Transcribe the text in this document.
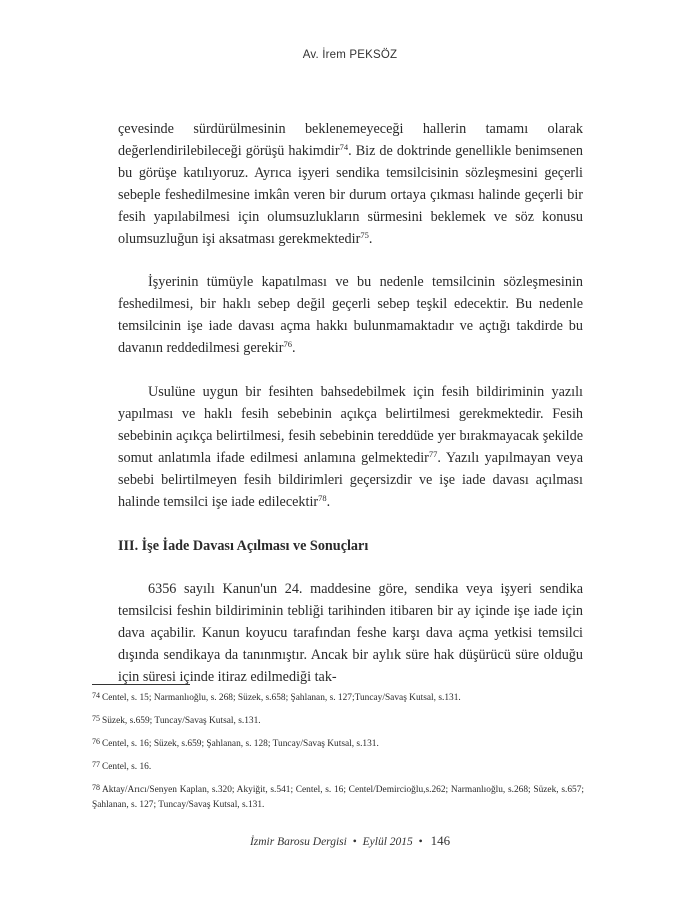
Av. İrem PEKSÖZ

çevesinde sürdürülmesinin beklenemeyeceği hallerin tamamı olarak değerlendirilebileceği görüşü hakimdir$^{74}$. Biz de doktrinde genellikle benimsenen bu görüşe katılıyoruz. Ayrıca işyeri sendika temsilcisinin sözleşmesini geçerli sebeple feshedilmesine imkân veren bir durum ortaya çıkması halinde geçerli bir fesih yapılabilmesi için olumsuzlukların sürmesini beklemek ve söz konusu olumsuzluğun işi aksatması gerekmektedir$^{75}$.

İşyerinin tümüyle kapatılması ve bu nedenle temsilcinin sözleşmesinin feshedilmesi, bir haklı sebep değil geçerli sebep teşkil edecektir. Bu nedenle temsilcinin işe iade davası açma hakkı bulunmamaktadır ve açtığı takdirde bu davanın reddedilmesi gerekir$^{76}$.

Usulüne uygun bir fesihten bahsedebilmek için fesih bildiriminin yazılı yapılması ve haklı fesih sebebinin açıkça belirtilmesi gerekmektedir. Fesih sebebinin açıkça belirtilmesi, fesih sebebinin tereddüde yer bırakmayacak şekilde somut anlatımla ifade edilmesi anlamına gelmektedir$^{77}$. Yazılı yapılmayan veya sebebi belirtilmeyen fesih bildirimleri geçersizdir ve işe iade davası açılması halinde temsilci işe iade edilecektir$^{78}$.

III. İşe İade Davası Açılması ve Sonuçları

6356 sayılı Kanun'un 24. maddesine göre, sendika veya işyeri sendika temsilcisi feshin bildiriminin tebliği tarihinden itibaren bir ay içinde işe iade için dava açabilir. Kanun koyucu tarafından feshe karşı dava açma yetkisi temsilci dışında sendikaya da tanınmıştır. Ancak bir aylık süre hak düşürücü süre olduğu için süresi içinde itiraz edilmediği tak-

74 Centel, s. 15; Narmanlıoğlu, s. 268; Süzek, s.658; Şahlanan, s. 127;Tuncay/Savaş Kutsal, s.131.

75 Süzek, s.659; Tuncay/Savaş Kutsal, s.131.

76 Centel, s. 16; Süzek, s.659; Şahlanan, s. 128; Tuncay/Savaş Kutsal, s.131.

77 Centel, s. 16.

78 Aktay/Arıcı/Senyen Kaplan, s.320; Akyiğit, s.541; Centel, s. 16; Centel/Demircioğlu,s.262; Narmanlıoğlu, s.268; Süzek, s.657; Şahlanan, s. 127; Tuncay/Savaş Kutsal, s.131.

İzmir Barosu Dergisi • Eylül 2015 • 146
